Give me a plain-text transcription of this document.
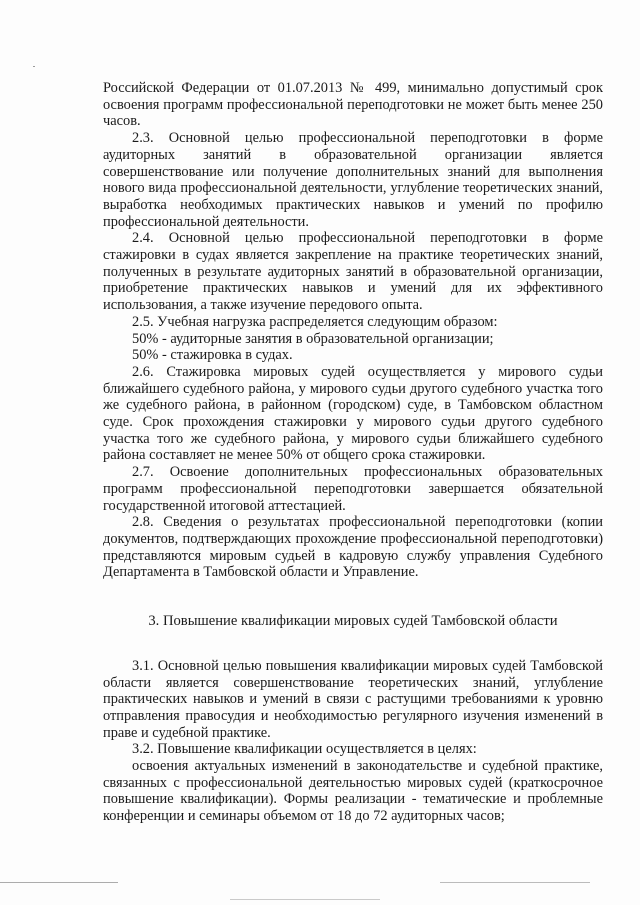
Российской Федерации от 01.07.2013 № 499, минимально допустимый срок освоения программ профессиональной переподготовки не может быть менее 250 часов.

2.3. Основной целью профессиональной переподготовки в форме аудиторных занятий в образовательной организации является совершенствование или получение дополнительных знаний для выполнения нового вида профессиональной деятельности, углубление теоретических знаний, выработка необходимых практических навыков и умений по профилю профессиональной деятельности.

2.4. Основной целью профессиональной переподготовки в форме стажировки в судах является закрепление на практике теоретических знаний, полученных в результате аудиторных занятий в образовательной организации, приобретение практических навыков и умений для их эффективного использования, а также изучение передового опыта.

2.5. Учебная нагрузка распределяется следующим образом:

50% - аудиторные занятия в образовательной организации;

50% - стажировка в судах.

2.6. Стажировка мировых судей осуществляется у мирового судьи ближайшего судебного района, у мирового судьи другого судебного участка того же судебного района, в районном (городском) суде, в Тамбовском областном суде. Срок прохождения стажировки у мирового судьи другого судебного участка того же судебного района, у мирового судьи ближайшего судебного района составляет не менее 50% от общего срока стажировки.

2.7. Освоение дополнительных профессиональных образовательных программ профессиональной переподготовки завершается обязательной государственной итоговой аттестацией.

2.8. Сведения о результатах профессиональной переподготовки (копии документов, подтверждающих прохождение профессиональной переподготовки) представляются мировым судьей в кадровую службу управления Судебного Департамента в Тамбовской области и Управление.

3. Повышение квалификации мировых судей Тамбовской области

3.1. Основной целью повышения квалификации мировых судей Тамбовской области является совершенствование теоретических знаний, углубление практических навыков и умений в связи с растущими требованиями к уровню отправления правосудия и необходимостью регулярного изучения изменений в праве и судебной практике.

3.2. Повышение квалификации осуществляется в целях:

освоения актуальных изменений в законодательстве и судебной практике, связанных с профессиональной деятельностью мировых судей (краткосрочное повышение квалификации). Формы реализации - тематические и проблемные конференции и семинары объемом от 18 до 72 аудиторных часов;
